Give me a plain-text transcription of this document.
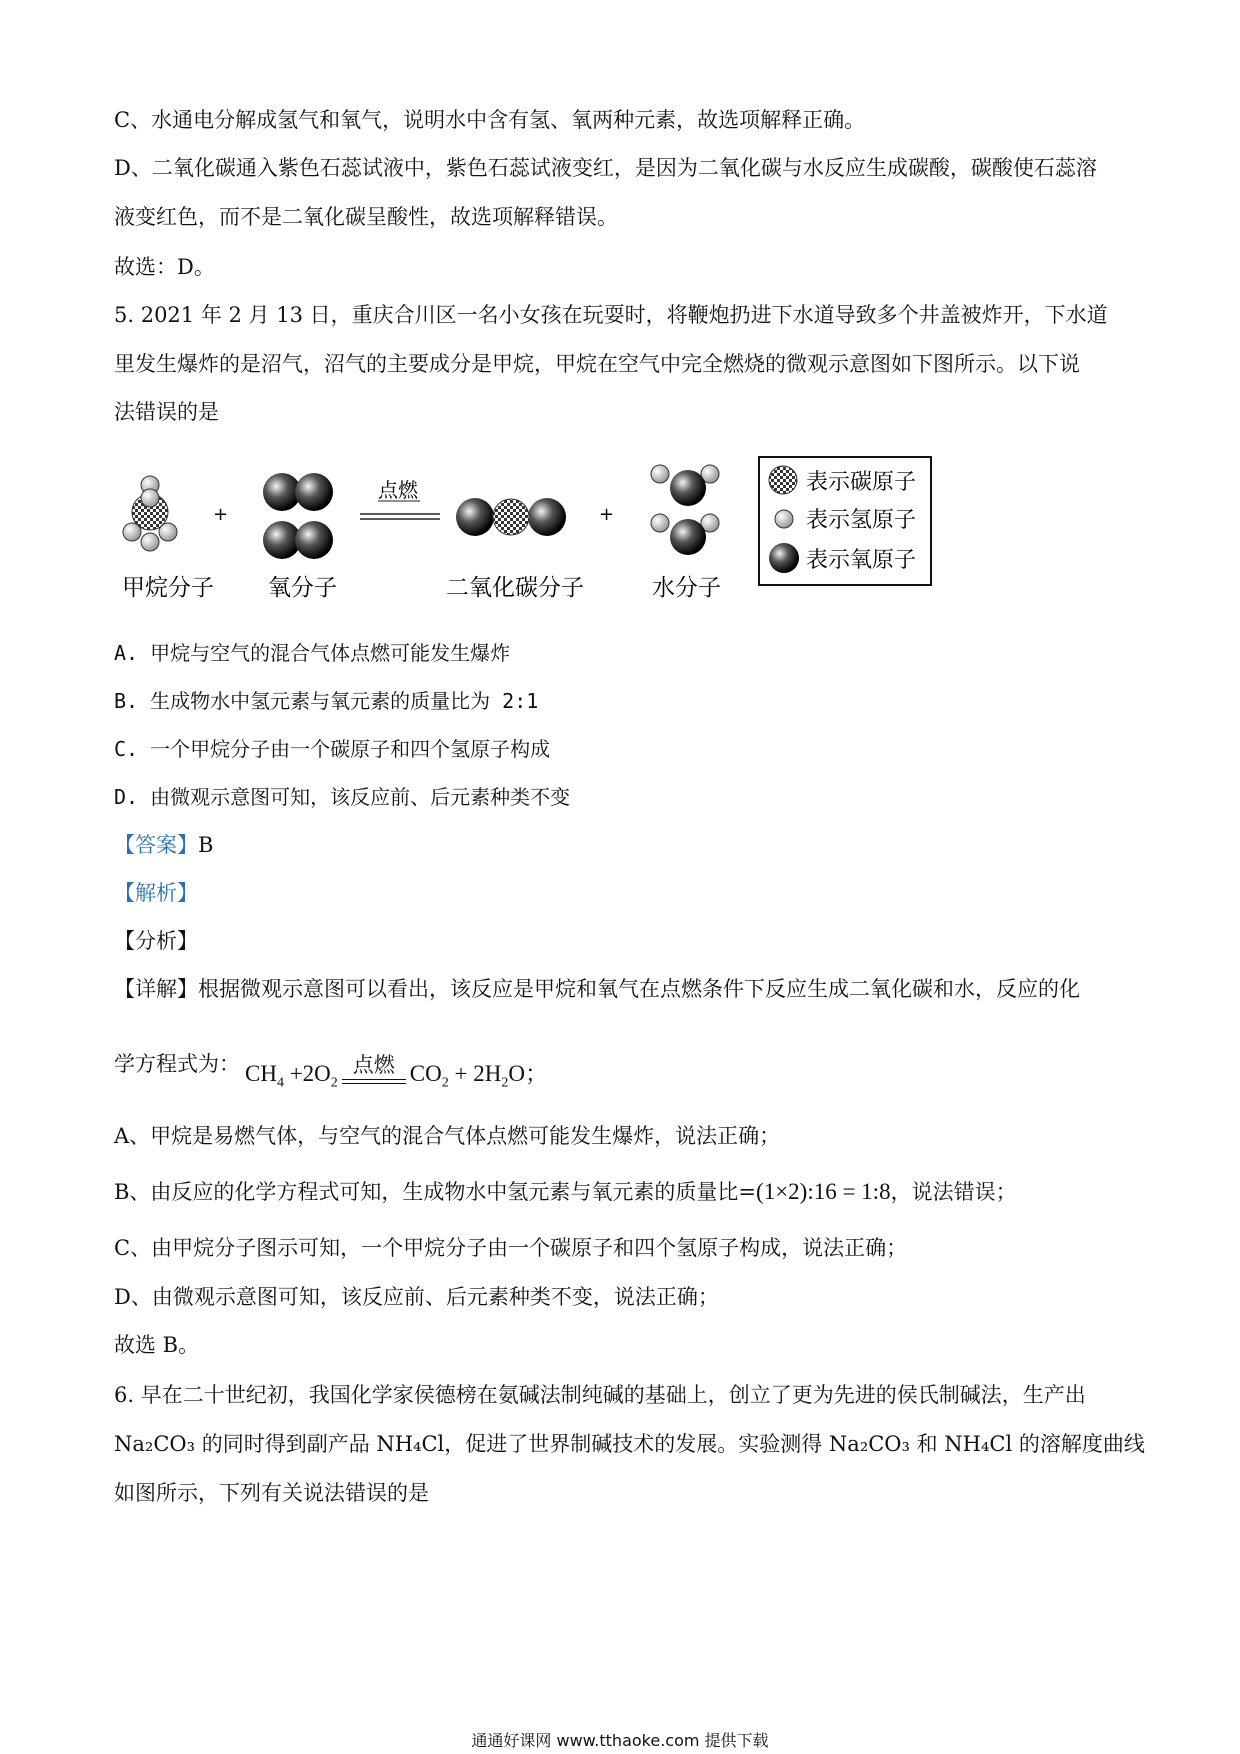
C、水通电分解成氢气和氧气，说明水中含有氢、氧两种元素，故选项解释正确。
D、二氧化碳通入紫色石蕊试液中，紫色石蕊试液变红，是因为二氧化碳与水反应生成碳酸，碳酸使石蕊溶
液变红色，而不是二氧化碳呈酸性，故选项解释错误。
故选：D。
5. 2021 年 2 月 13 日，重庆合川区一名小女孩在玩耍时，将鞭炮扔进下水道导致多个井盖被炸开，下水道
里发生爆炸的是沼气，沼气的主要成分是甲烷，甲烷在空气中完全燃烧的微观示意图如下图所示。以下说
法错误的是
甲烷分子
+
氧分子
点燃
二氧化碳分子
+
水分子
表示碳原子
表示氢原子
表示氧原子
A. 甲烷与空气的混合气体点燃可能发生爆炸
B. 生成物水中氢元素与氧元素的质量比为 2:1
C. 一个甲烷分子由一个碳原子和四个氢原子构成
D. 由微观示意图可知，该反应前、后元素种类不变
【答案】B
【解析】
【分析】
【详解】根据微观示意图可以看出，该反应是甲烷和氧气在点燃条件下反应生成二氧化碳和水，反应的化
学方程式为： $CH_4 +2O_2$
点燃 $CO_2 + 2H_2O$；
A、甲烷是易燃气体，与空气的混合气体点燃可能发生爆炸，说法正确；
B、由反应的化学方程式可知，生成物水中氢元素与氧元素的质量比=(1×2):16 = 1:8，说法错误；
C、由甲烷分子图示可知，一个甲烷分子由一个碳原子和四个氢原子构成，说法正确；
D、由微观示意图可知，该反应前、后元素种类不变，说法正确；
故选 B。
6. 早在二十世纪初，我国化学家侯德榜在氨碱法制纯碱的基础上，创立了更为先进的侯氏制碱法，生产出
Na₂CO₃ 的同时得到副产品 NH₄Cl，促进了世界制碱技术的发展。实验测得 Na₂CO₃ 和 NH₄Cl 的溶解度曲线
如图所示，下列有关说法错误的是
通通好课网 www.tthaoke.com 提供下载
